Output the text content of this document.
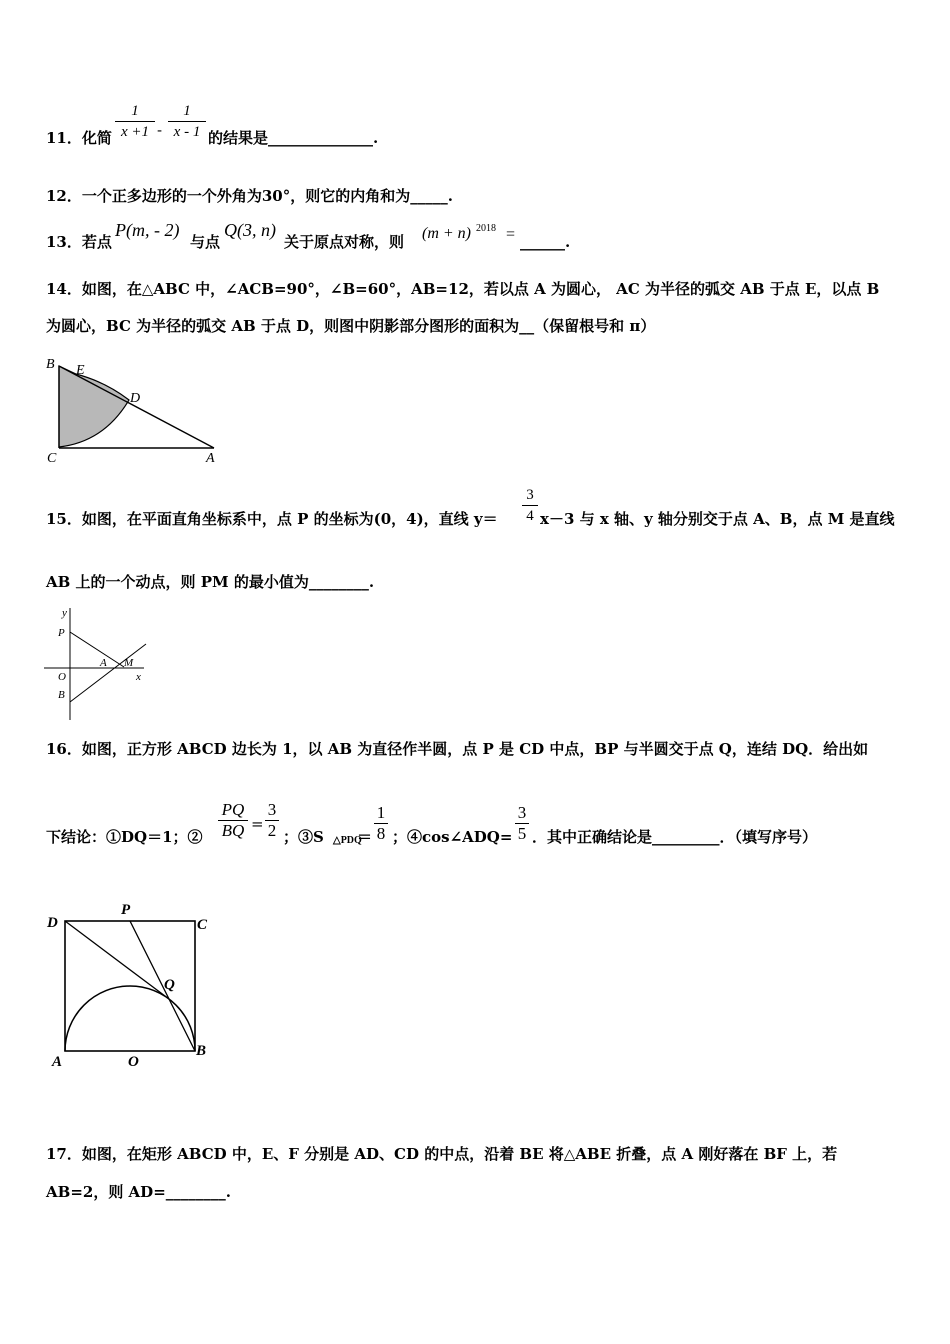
11．化简
1
x +1 -
1
x - 1 的结果是______________.
12．一个正多边形的一个外角为30°，则它的内角和为_____.
13．若点
P(m, - 2)
与点
Q(3, n)
关于原点对称，则 (m + n) 2018 = ______.
14．如图，在△ABC 中，∠ACB=90°，∠B=60°，AB=12，若以点 A 为圆心， AC 为半径的弧交 AB 于点 E，以点 B
为圆心，BC 为半径的弧交 AB 于点 D，则图中阴影部分图形的面积为__（保留根号和 π）
B E
D
C	A
15．如图，在平面直角坐标系中，点 P 的坐标为(0，4)，直线 y＝
3
4 x－3 与 x 轴、y 轴分别交于点 A、B，点 M 是直线
AB 上的一个动点，则 PM 的最小值为________.
y
P
A M
x
O
B
16．如图，正方形 ABCD 边长为 1，以 AB 为直径作半圆，点 P 是 CD 中点，BP 与半圆交于点 Q，连结 DQ．给出如
下结论：①DQ＝1；②
PQ
BQ =
3
2 ；③S △PDQ
＝
1
8 ；④cos∠ADQ=
3
5 ．其中正确结论是_________．（填写序号）
D
P
C
Q
A	O
B
17．如图，在矩形 ABCD 中，E、F 分别是 AD、CD 的中点，沿着 BE 将△ABE 折叠，点 A 刚好落在 BF 上，若
AB=2，则 AD=________.
